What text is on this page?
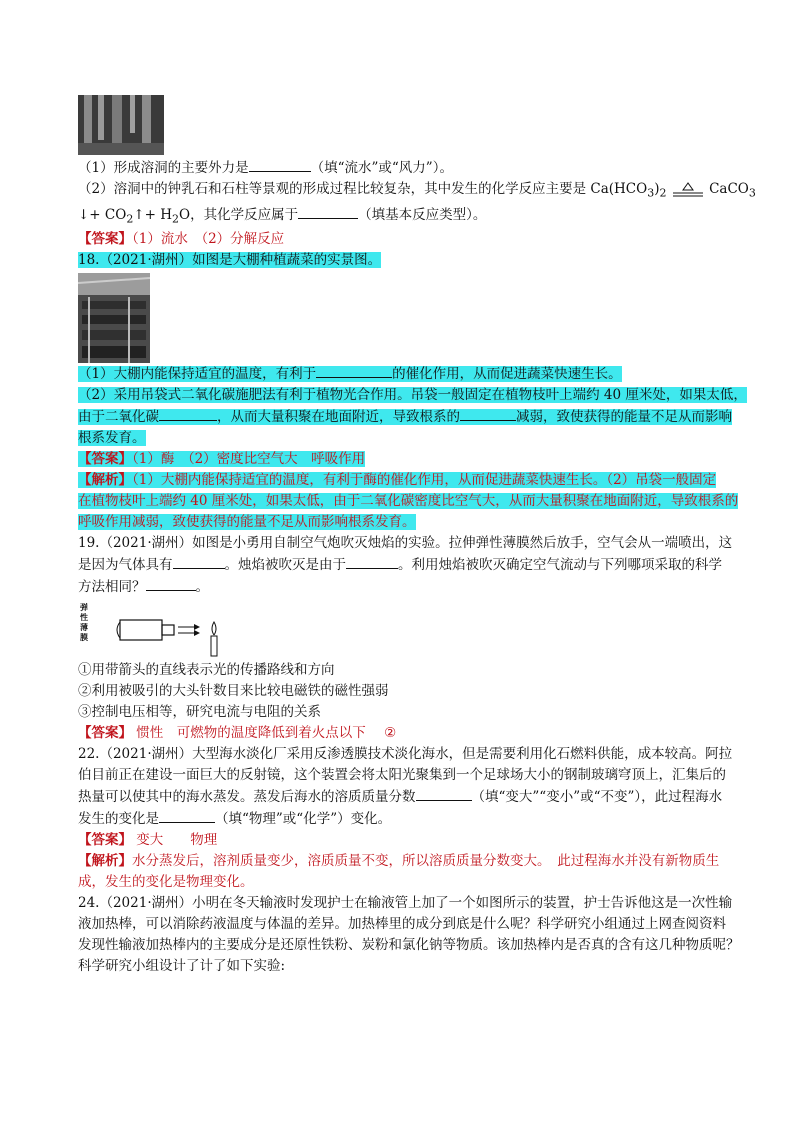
（1）形成溶洞的主要外力是	（填“流水”或“风力”）。
（2）溶洞中的钟乳石和石柱等景观的形成过程比较复杂，其中发生的化学反应主要是 $Ca(HCO_3)_2$	CaCO$_3$
↓+ $CO_2↑+ H_2O$，其化学反应属于	（填基本反应类型）。
【答案】（1）流水　（2）分解反应
18.（2021·湖州）如图是大棚种植蔬菜的实景图。
（1）大棚内能保持适宜的温度，有利于	的催化作用，从而促进蔬菜快速生长。
（2）采用吊袋式二氧化碳施肥法有利于植物光合作用。吊袋一般固定在植物枝叶上端约 40 厘米处，如果太低，
由于二氧化碳	，从而大量积聚在地面附近，导致根系的	减弱，致使获得的能量不足从而影响
根系发育。
【答案】（1）酶　（2）密度比空气大　呼吸作用
【解析】（1）大棚内能保持适宜的温度，有利于酶的催化作用，从而促进蔬菜快速生长。（2）吊袋一般固定
在植物枝叶上端约 40 厘米处，如果太低，由于二氧化碳密度比空气大，从而大量积聚在地面附近，导致根系的
呼吸作用减弱，致使获得的能量不足从而影响根系发育。
19.（2021·湖州）如图是小勇用自制空气炮吹灭烛焰的实验。拉伸弹性薄膜然后放手，空气会从一端喷出，这
是因为气体具有	。烛焰被吹灭是由于	。利用烛焰被吹灭确定空气流动与下列哪项采取的科学
方法相同？	。
弹性薄膜
①用带箭头的直线表示光的传播路线和方向
②利用被吸引的大头针数目来比较电磁铁的磁性强弱
③控制电压相等，研究电流与电阻的关系
【答案】 惯性　可燃物的温度降低到着火点以下 ②
22.（2021·湖州）大型海水淡化厂采用反渗透膜技术淡化海水，但是需要利用化石燃料供能，成本较高。阿拉
伯目前正在建设一面巨大的反射镜，这个装置会将太阳光聚集到一个足球场大小的钢制玻璃穹顶上，汇集后的
热量可以使其中的海水蒸发。蒸发后海水的溶质质量分数	（填“变大”“变小”或“不变”），此过程海水
发生的变化是	（填“物理”或“化学”）变化。
【答案】 变大　　物理
【解析】水分蒸发后，溶剂质量变少，溶质质量不变，所以溶质质量分数变大。　此过程海水并没有新物质生
成，发生的变化是物理变化。
24.（2021·湖州）小明在冬天输液时发现护士在输液管上加了一个如图所示的装置，护士告诉他这是一次性输
液加热棒，可以消除药液温度与体温的差异。加热棒里的成分到底是什么呢？科学研究小组通过上网查阅资料
发现性输液加热棒内的主要成分是还原性铁粉、炭粉和氯化钠等物质。该加热棒内是否真的含有这几种物质呢？
科学研究小组设计了计了如下实验:
